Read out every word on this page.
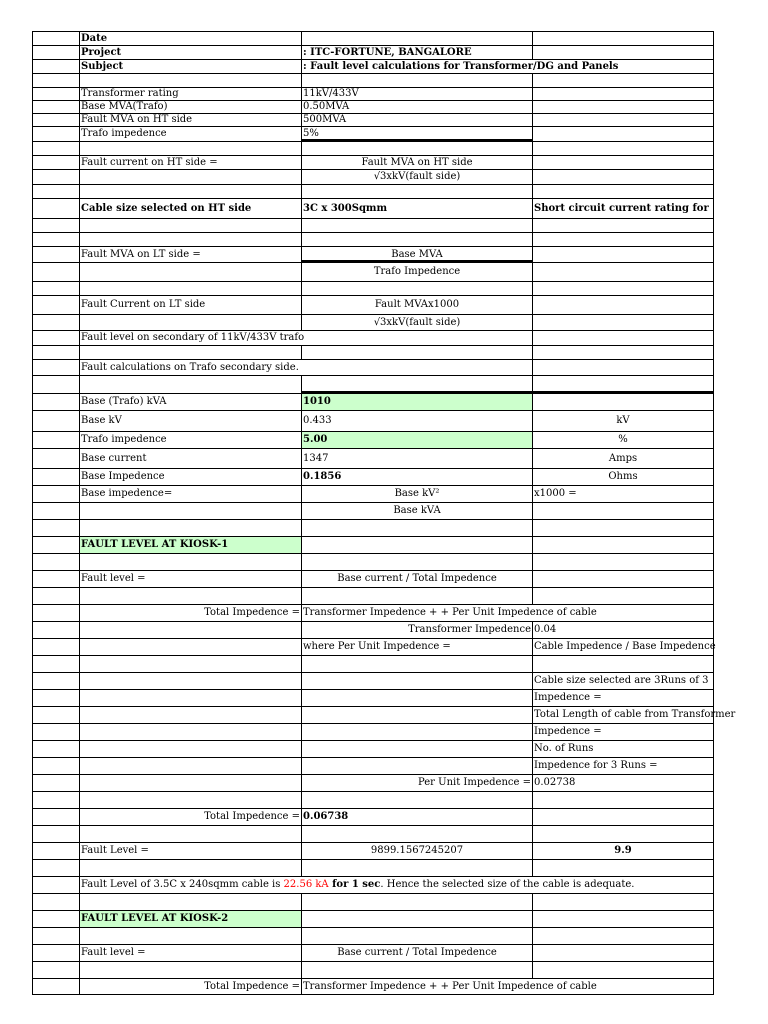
Date
Project	: ITC-FORTUNE, BANGALORE
Subject	: Fault level calculations for Transformer/DG and Panels
Transformer rating	11kV/433V
Base MVA(Trafo)	0.50MVA
Fault MVA on HT side	500MVA
Trafo impedence	5%
Fault current on HT side =	Fault MVA on HT side
√3xkV(fault side)
Cable size selected on HT side	3C x 300Sqmm	Short circuit current rating for
Fault MVA on LT side =	Base MVA
Trafo Impedence
Fault Current on LT side	Fault MVAx1000
√3xkV(fault side)
Fault level on secondary of 11kV/433V trafo
Fault calculations on Trafo secondary side.
Base (Trafo) kVA	1010
Base kV	0.433	kV
Trafo impedence	5.00	%
Base current	1347	Amps
Base Impedence	0.1856	Ohms
Base impedence=	Base kV²	x1000 =
Base kVA
FAULT LEVEL AT KIOSK-1
Fault level =	Base current / Total Impedence
Total Impedence = Transformer Impedence + + Per Unit Impedence of cable
Transformer Impedence 0.04
where Per Unit Impedence =	Cable Impedence / Base Impedence
Cable size selected are 3Runs of 3
Impedence =
Total Length of cable from Transformer
Impedence =
No. of Runs
Impedence for 3 Runs =
Per Unit Impedence = 0.02738
Total Impedence = 0.06738
Fault Level =	9899.1567245207	9.9
Fault Level of 3.5C x 240sqmm cable is 22.56 kA for 1 sec . Hence the selected size of the cable is adequate.
FAULT LEVEL AT KIOSK-2
Fault level =	Base current / Total Impedence
Total Impedence = Transformer Impedence + + Per Unit Impedence of cable
